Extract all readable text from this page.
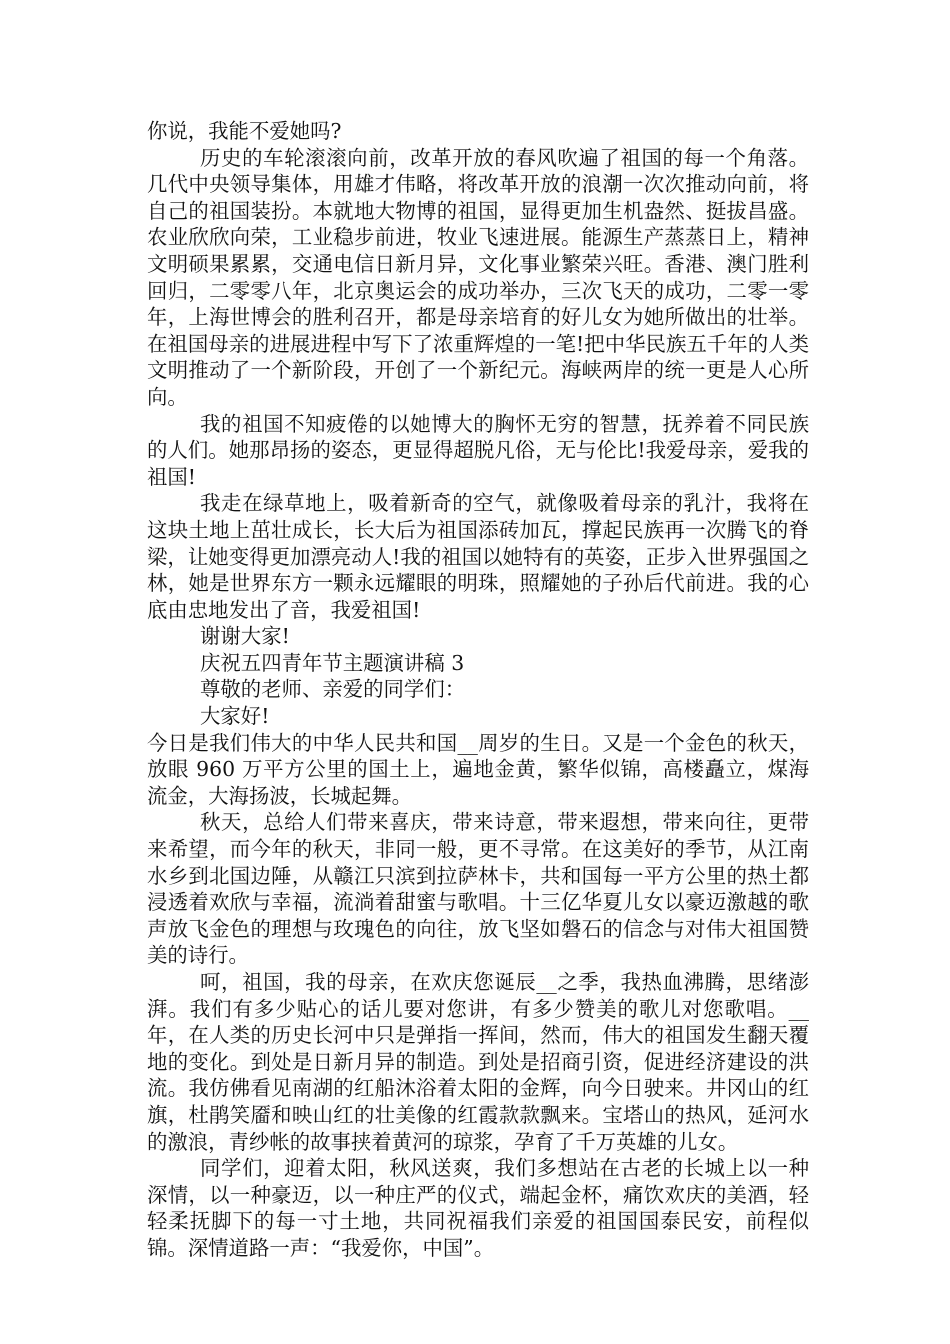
你说，我能不爱她吗?

历史的车轮滚滚向前，改革开放的春风吹遍了祖国的每一个角落。几代中央领导集体，用雄才伟略，将改革开放的浪潮一次次推动向前，将自己的祖国装扮。本就地大物博的祖国，显得更加生机盎然、挺拔昌盛。农业欣欣向荣，工业稳步前进，牧业飞速进展。能源生产蒸蒸日上，精神文明硕果累累，交通电信日新月异，文化事业繁荣兴旺。香港、澳门胜利回归，二零零八年，北京奥运会的成功举办，三次飞天的成功，二零一零年，上海世博会的胜利召开，都是母亲培育的好儿女为她所做出的壮举。在祖国母亲的进展进程中写下了浓重辉煌的一笔!把中华民族五千年的人类文明推动了一个新阶段，开创了一个新纪元。海峡两岸的统一更是人心所向。

我的祖国不知疲倦的以她博大的胸怀无穷的智慧，抚养着不同民族的人们。她那昂扬的姿态，更显得超脱凡俗，无与伦比!我爱母亲，爱我的祖国!

我走在绿草地上，吸着新奇的空气，就像吸着母亲的乳汁，我将在这块土地上茁壮成长，长大后为祖国添砖加瓦，撑起民族再一次腾飞的脊梁，让她变得更加漂亮动人!我的祖国以她特有的英姿，正步入世界强国之林，她是世界东方一颗永远耀眼的明珠，照耀她的子孙后代前进。我的心底由忠地发出了音，我爱祖国!

谢谢大家!

庆祝五四青年节主题演讲稿 3

尊敬的老师、亲爱的同学们：

大家好!

今日是我们伟大的中华人民共和国__周岁的生日。又是一个金色的秋天，放眼 960 万平方公里的国土上，遍地金黄，繁华似锦，高楼矗立，煤海流金，大海扬波，长城起舞。

秋天，总给人们带来喜庆，带来诗意，带来遐想，带来向往，更带来希望，而今年的秋天，非同一般，更不寻常。在这美好的季节，从江南水乡到北国边陲，从赣江只滨到拉萨林卡，共和国每一平方公里的热土都浸透着欢欣与幸福，流淌着甜蜜与歌唱。十三亿华夏儿女以豪迈激越的歌声放飞金色的理想与玫瑰色的向往，放飞坚如磐石的信念与对伟大祖国赞美的诗行。

呵，祖国，我的母亲，在欢庆您诞辰__之季，我热血沸腾，思绪澎湃。我们有多少贴心的话儿要对您讲，有多少赞美的歌儿对您歌唱。__年，在人类的历史长河中只是弹指一挥间，然而，伟大的祖国发生翻天覆地的变化。到处是日新月异的制造。到处是招商引资，促进经济建设的洪流。我仿佛看见南湖的红船沐浴着太阳的金辉，向今日驶来。井冈山的红旗，杜鹃笑靥和映山红的壮美像的红霞款款飘来。宝塔山的热风，延河水的激浪，青纱帐的故事挟着黄河的琼浆，孕育了千万英雄的儿女。

同学们，迎着太阳，秋风送爽，我们多想站在古老的长城上以一种深情，以一种豪迈，以一种庄严的仪式，端起金杯，痛饮欢庆的美酒，轻轻柔抚脚下的每一寸土地，共同祝福我们亲爱的祖国国泰民安，前程似锦。深情道路一声：“我爱你，中国”。
